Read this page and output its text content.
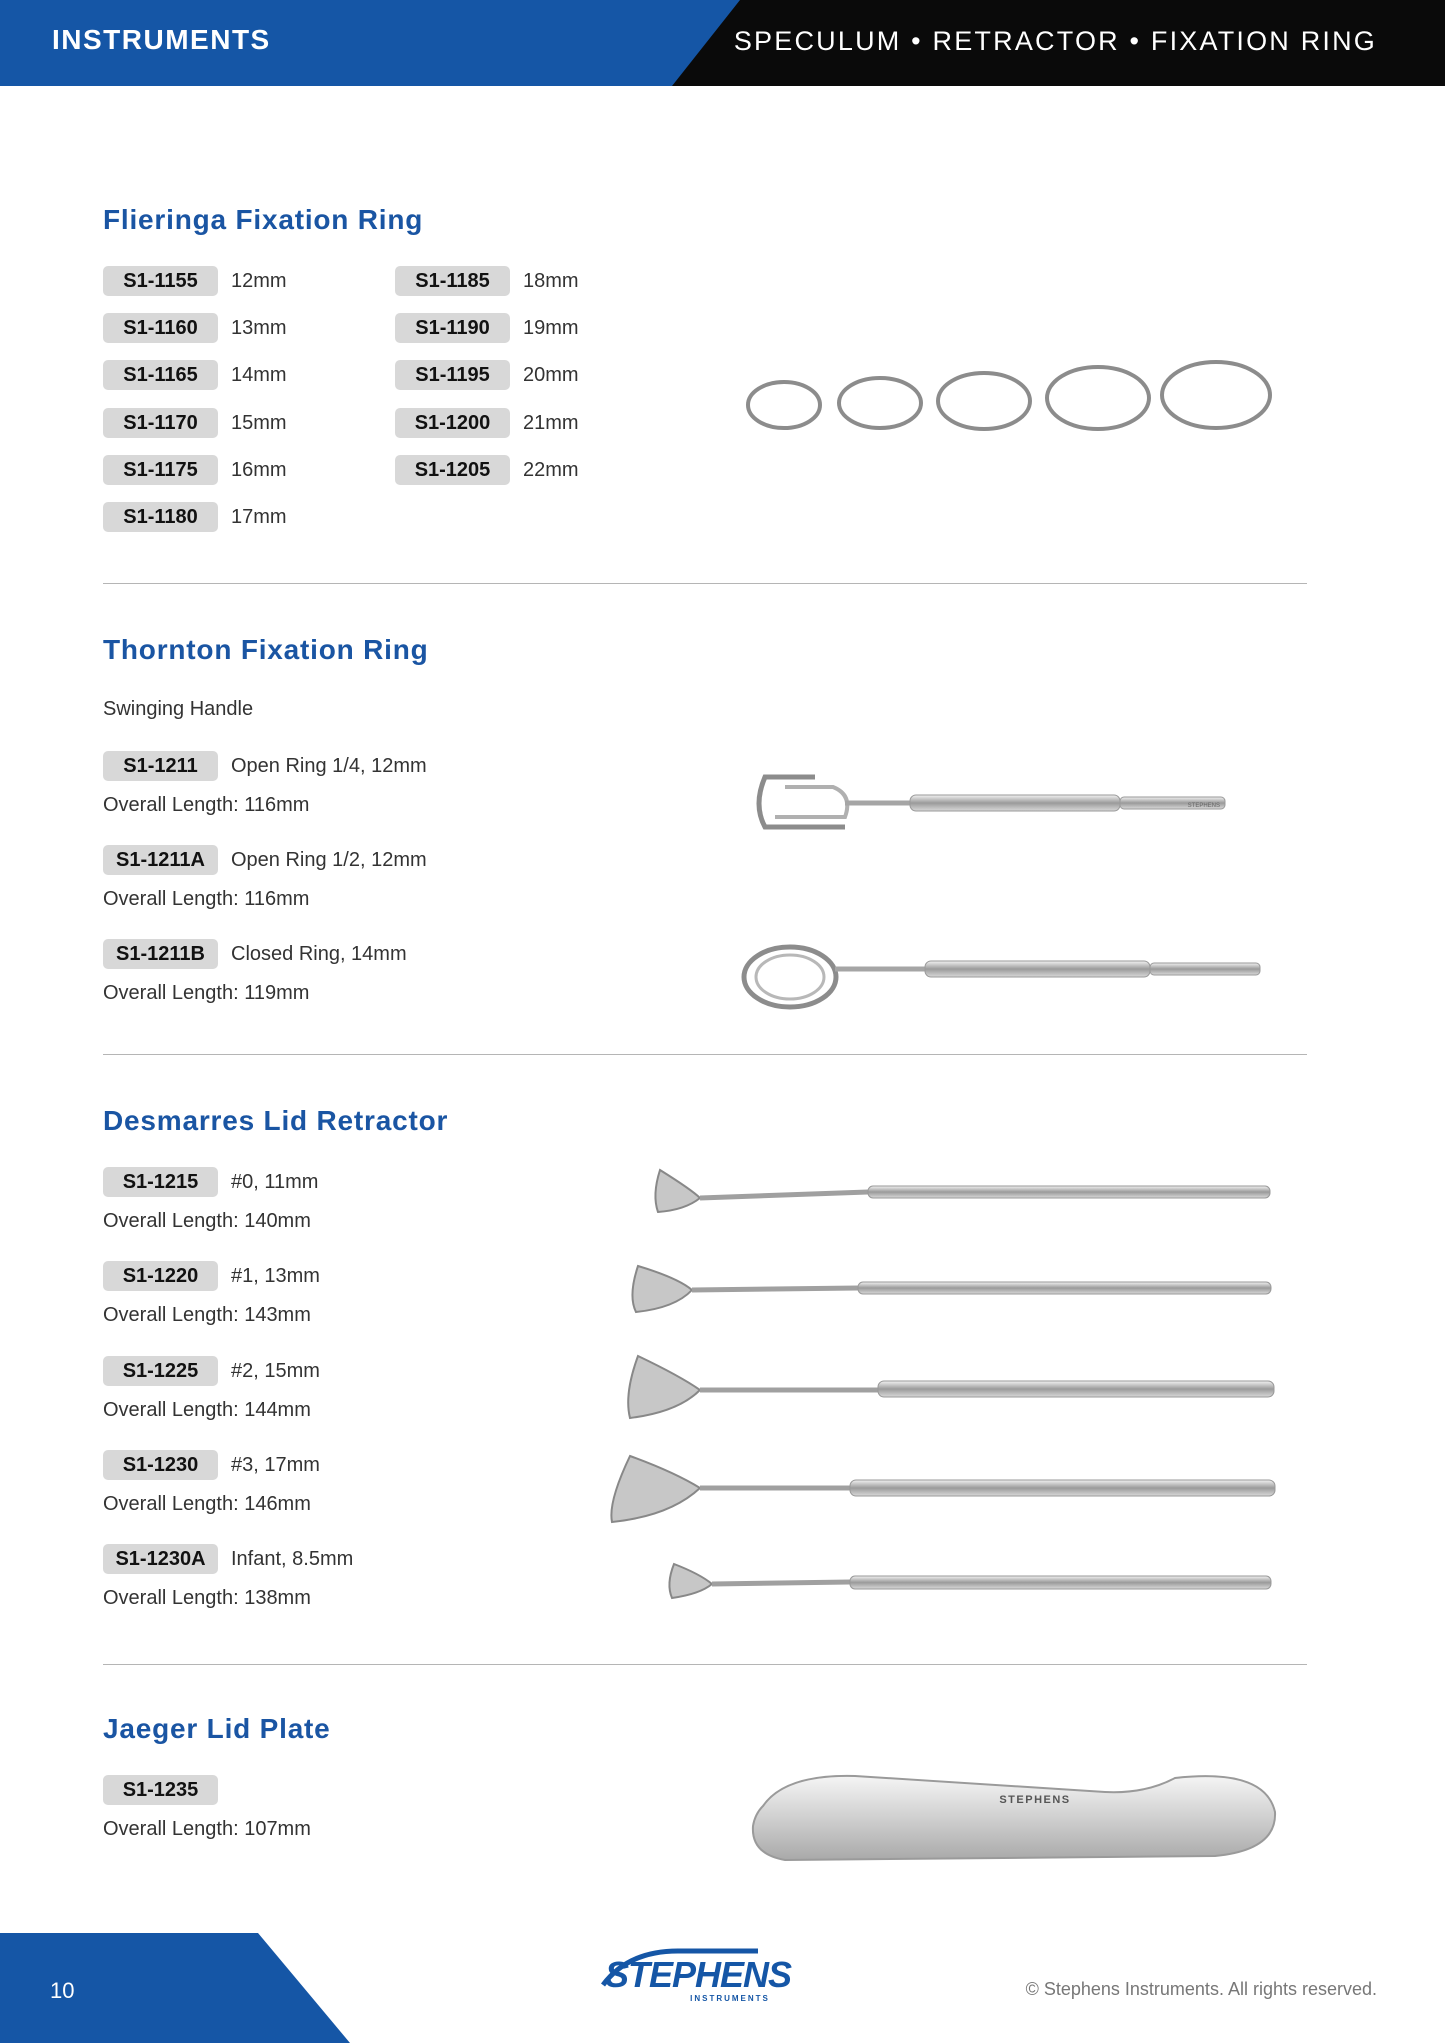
INSTRUMENTS	SPECULUM • RETRACTOR • FIXATION RING
Flieringa Fixation Ring
S1-1155	12mm
S1-1160	13mm
S1-1165	14mm
S1-1170	15mm
S1-1175	16mm
S1-1180	17mm
S1-1185	18mm
S1-1190	19mm
S1-1195	20mm
S1-1200	21mm
S1-1205	22mm
Thornton Fixation Ring
Swinging Handle
S1-1211	Open Ring 1/4, 12mm
Overall Length: 116mm
S1-1211A	Open Ring 1/2, 12mm
Overall Length: 116mm
S1-1211B	Closed Ring, 14mm
Overall Length: 119mm
STEPHENS
Desmarres Lid Retractor
S1-1215	#0, 11mm
Overall Length: 140mm
S1-1220	#1, 13mm
Overall Length: 143mm
S1-1225	#2, 15mm
Overall Length: 144mm
S1-1230	#3, 17mm
Overall Length: 146mm
S1-1230A	Infant, 8.5mm
Overall Length: 138mm
Jaeger Lid Plate
S1-1235
Overall Length: 107mm
STEPHENS
10	STEPHENS
INSTRUMENTS	© Stephens Instruments. All rights reserved.
